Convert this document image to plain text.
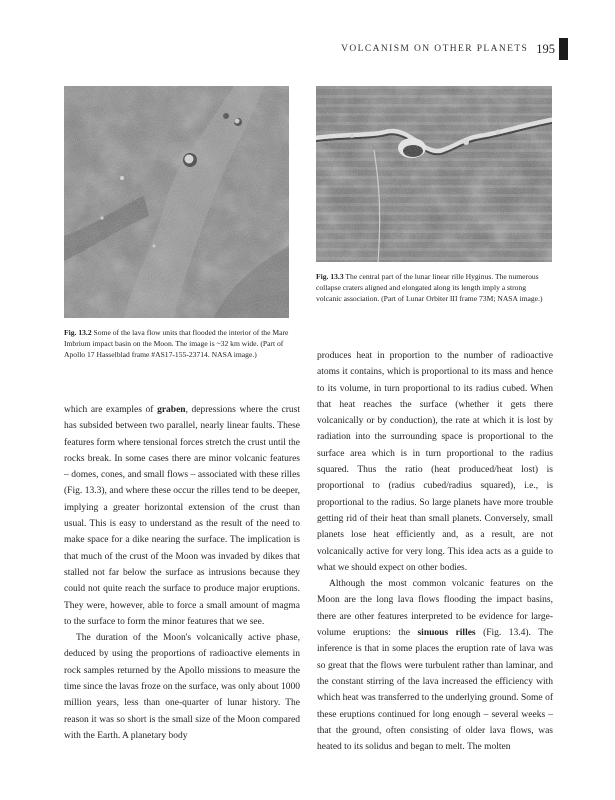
VOLCANISM ON OTHER PLANETS 195
Fig. 13.3 The central part of the lunar linear rille Hyginus. The numerous collapse craters aligned and elongated along its length imply a strong volcanic association. (Part of Lunar Orbiter III frame 73M; NASA image.)
Fig. 13.2 Some of the lava flow units that flooded the interior of the Mare Imbrium impact basin on the Moon. The image is ~32 km wide. (Part of Apollo 17 Hasselblad frame #AS17-155-23714. NASA image.)

which are examples of graben, depressions where the crust has subsided between two parallel, nearly linear faults. These features form where tensional forces stretch the crust until the rocks break. In some cases there are minor volcanic features – domes, cones, and small flows – associated with these rilles (Fig. 13.3), and where these occur the rilles tend to be deeper, implying a greater horizontal extension of the crust than usual. This is easy to understand as the result of the need to make space for a dike nearing the surface. The implication is that much of the crust of the Moon was invaded by dikes that stalled not far below the surface as intrusions because they could not quite reach the surface to produce major eruptions. They were, however, able to force a small amount of magma to the surface to form the minor features that we see.

The duration of the Moon's volcanically active phase, deduced by using the proportions of radioactive elements in rock samples returned by the Apollo missions to measure the time since the lavas froze on the surface, was only about 1000 million years, less than one-quarter of lunar history. The reason it was so short is the small size of the Moon compared with the Earth. A planetary body

produces heat in proportion to the number of radioactive atoms it contains, which is proportional to its mass and hence to its volume, in turn proportional to its radius cubed. When that heat reaches the surface (whether it gets there volcanically or by conduction), the rate at which it is lost by radiation into the surrounding space is proportional to the surface area which is in turn proportional to the radius squared. Thus the ratio (heat produced/heat lost) is proportional to (radius cubed/radius squared), i.e., is proportional to the radius. So large planets have more trouble getting rid of their heat than small planets. Conversely, small planets lose heat efficiently and, as a result, are not volcanically active for very long. This idea acts as a guide to what we should expect on other bodies.

Although the most common volcanic features on the Moon are the long lava flows flooding the impact basins, there are other features interpreted to be evidence for large-volume eruptions: the sinuous rilles (Fig. 13.4). The inference is that in some places the eruption rate of lava was so great that the flows were turbulent rather than laminar, and the constant stirring of the lava increased the efficiency with which heat was transferred to the underlying ground. Some of these eruptions continued for long enough – several weeks – that the ground, often consisting of older lava flows, was heated to its solidus and began to melt. The molten
